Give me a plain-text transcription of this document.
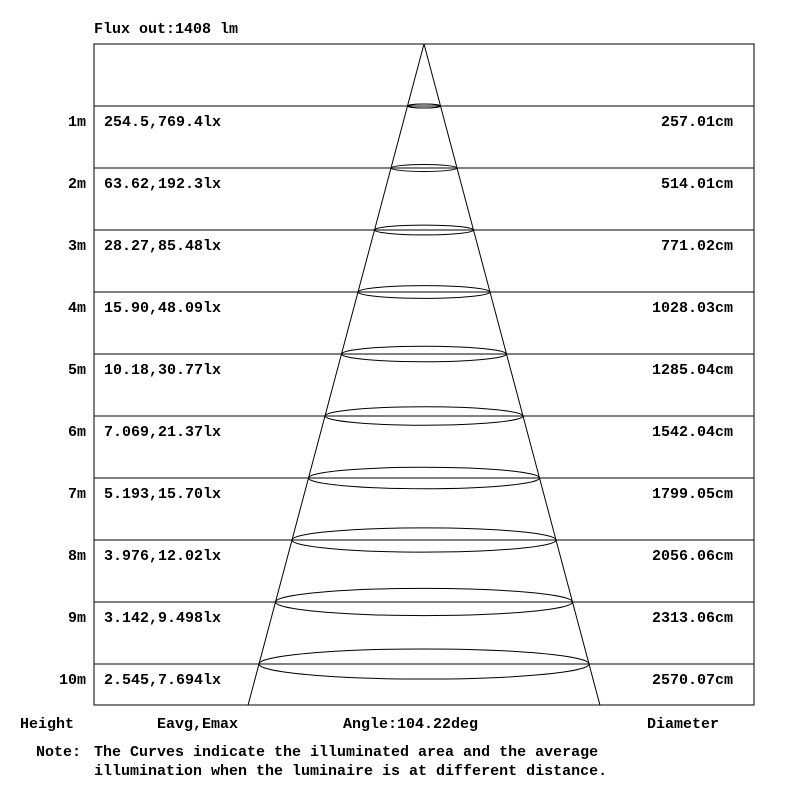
Flux out:1408 lm
1m 254.5,769.4lx	257.01cm
2m 63.62,192.3lx	514.01cm
3m 28.27,85.48lx	771.02cm
4m 15.90,48.09lx	1028.03cm
5m 10.18,30.77lx	1285.04cm
6m 7.069,21.37lx	1542.04cm
7m 5.193,15.70lx	1799.05cm
8m 3.976,12.02lx	2056.06cm
9m 3.142,9.498lx	2313.06cm
10m 2.545,7.694lx	2570.07cm
Height	Eavg,Emax	Angle:104.22deg	Diameter
Note: The Curves indicate the illuminated area and the average
illumination when the luminaire is at different distance.
